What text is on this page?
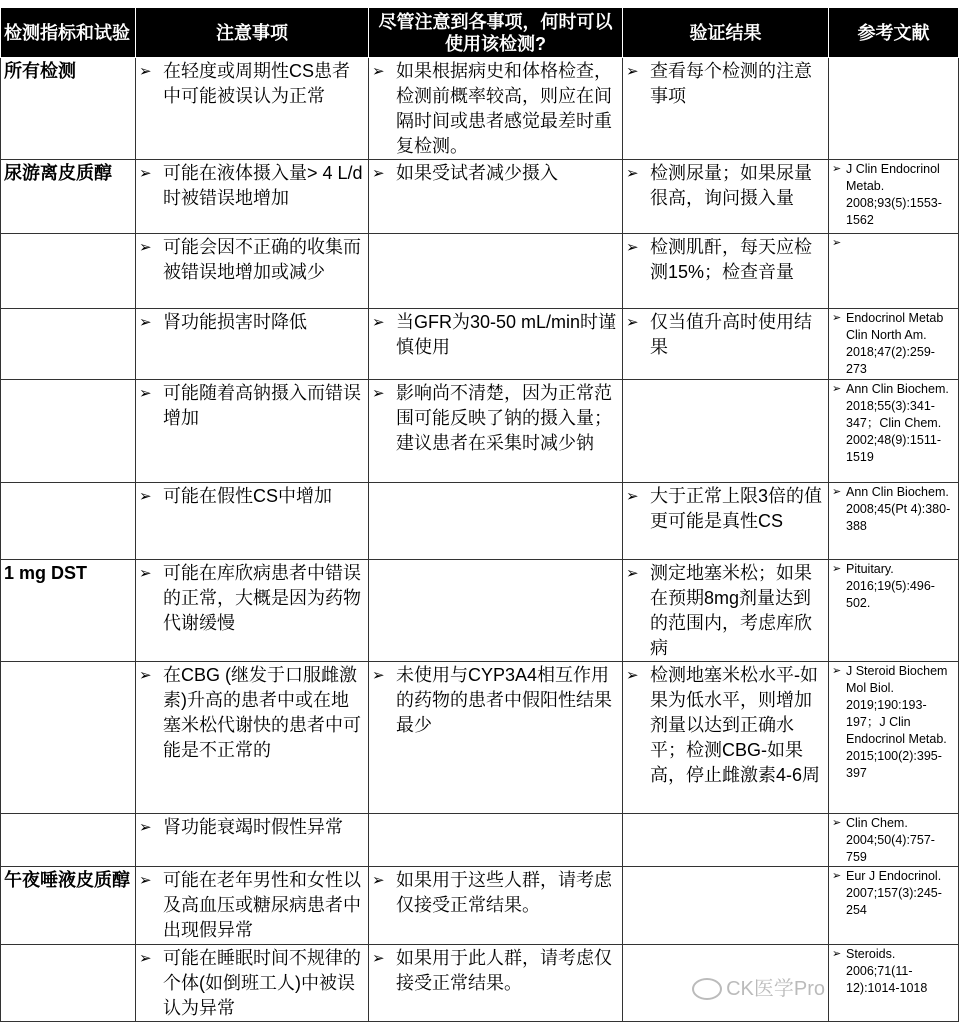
检测指标和试验	注意事项	尽管注意到各事项，何时可以使用该检测?	验证结果	参考文献
所有检测	➢ 在轻度或周期性CS患者中可能被误认为正常	➢ 如果根据病史和体格检查，检测前概率较高，则应在间隔时间或患者感觉最差时重复检测。	➢ 查看每个检测的注意事项	

尿游离皮质醇	➢ 可能在液体摄入量> 4 L/d时被错误地增加	➢ 如果受试者减少摄入	➢ 检测尿量；如果尿量很高，询问摄入量	➢ J Clin Endocrinol Metab. 2008;93(5):1553-1562

	➢ 可能会因不正确的收集而被错误地增加或减少		➢ 检测肌酐，每天应检测15%；检查音量	➢

	➢ 肾功能损害时降低	➢ 当GFR为30-50 mL/min时谨慎使用	➢ 仅当值升高时使用结果	➢ Endocrinol Metab Clin North Am. 2018;47(2):259-273

	➢ 可能随着高钠摄入而错误增加	➢ 影响尚不清楚，因为正常范围可能反映了钠的摄入量；建议患者在采集时减少钠		➢ Ann Clin Biochem. 2018;55(3):341-347；Clin Chem. 2002;48(9):1511-1519

	➢ 可能在假性CS中增加		➢ 大于正常上限3倍的值更可能是真性CS	➢ Ann Clin Biochem. 2008;45(Pt 4):380-388

1 mg DST	➢ 可能在库欣病患者中错误的正常，大概是因为药物代谢缓慢		➢ 测定地塞米松；如果在预期8mg剂量达到的范围内，考虑库欣病	➢ Pituitary. 2016;19(5):496-502.

	➢ 在CBG (继发于口服雌激素)升高的患者中或在地塞米松代谢快的患者中可能是不正常的	➢ 未使用与CYP3A4相互作用的药物的患者中假阳性结果最少	➢ 检测地塞米松水平-如果为低水平，则增加剂量以达到正确水平；检测CBG-如果高，停止雌激素4-6周	➢ J Steroid Biochem Mol Biol. 2019;190:193-197；J Clin Endocrinol Metab. 2015;100(2):395-397

	➢ 肾功能衰竭时假性异常			➢ Clin Chem. 2004;50(4):757-759

午夜唾液皮质醇	➢ 可能在老年男性和女性以及高血压或糖尿病患者中出现假异常	➢ 如果用于这些人群，请考虑仅接受正常结果。		➢ Eur J Endocrinol. 2007;157(3):245-254

	➢ 可能在睡眠时间不规律的个体(如倒班工人)中被误认为异常	➢ 如果用于此人群，请考虑仅接受正常结果。	CK医学Pro	➢ Steroids. 2006;71(11-12):1014-1018
